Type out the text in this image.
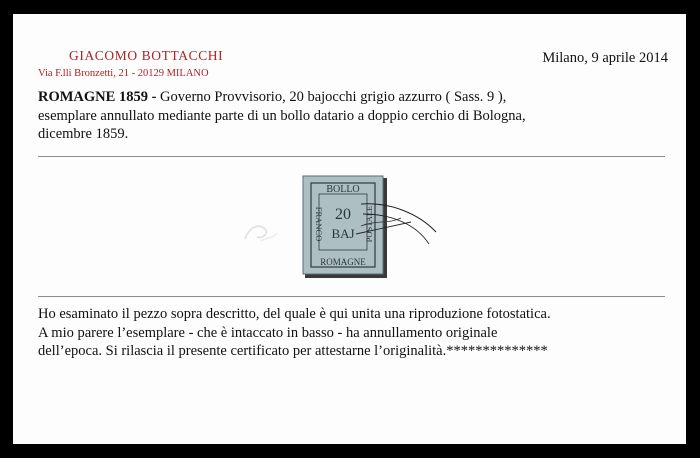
GIACOMO BOTTACCHI
Via F.lli Bronzetti, 21 - 20129 MILANO
Milano, 9 aprile 2014
ROMAGNE 1859 - Governo Provvisorio, 20 bajocchi grigio azzurro ( Sass. 9 ),
esemplare annullato mediante parte di un bollo datario a doppio cerchio di Bologna,
dicembre 1859.
BOLLO
FRANCO	POSTALE
20
BAJ
ROMAGNE
Ho esaminato il pezzo sopra descritto, del quale è qui unita una riproduzione fotostatica.
A mio parere l’esemplare - che è intaccato in basso - ha annullamento originale
dell’epoca. Si rilascia il presente certificato per attestarne l’originalità.**************
